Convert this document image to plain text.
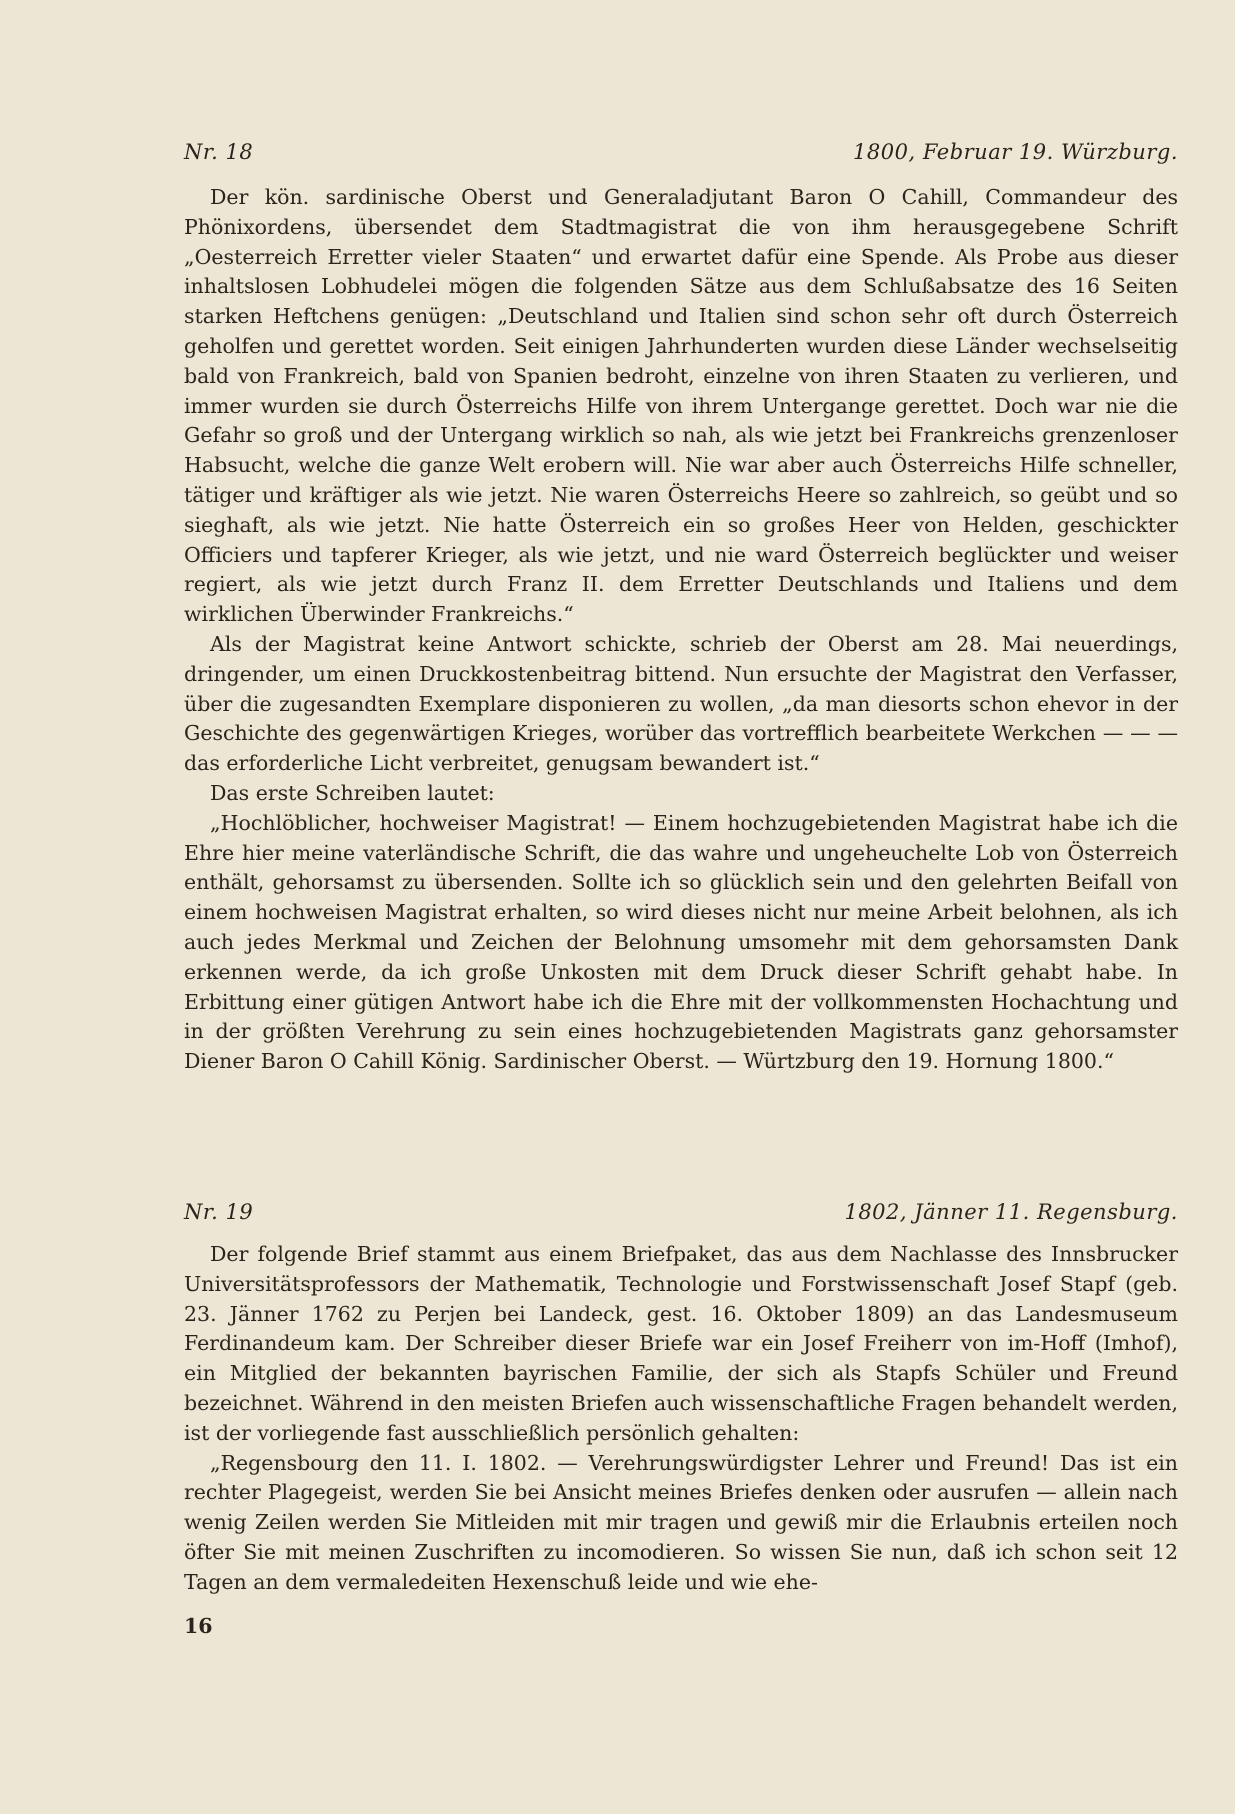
Nr. 18	1800, Februar 19. Würzburg.

Der kön. sardinische Oberst und Generaladjutant Baron O Cahill, Commandeur des Phönixordens, übersendet dem Stadtmagistrat die von ihm herausgegebene Schrift „Oesterreich Erretter vieler Staaten“ und erwartet dafür eine Spende. Als Probe aus dieser inhaltslosen Lobhudelei mögen die folgenden Sätze aus dem Schlußabsatze des 16 Seiten starken Heftchens genügen: „Deutschland und Italien sind schon sehr oft durch Österreich geholfen und gerettet worden. Seit einigen Jahrhunderten wurden diese Länder wechselseitig bald von Frankreich, bald von Spanien bedroht, einzelne von ihren Staaten zu verlieren, und immer wurden sie durch Österreichs Hilfe von ihrem Untergange gerettet. Doch war nie die Gefahr so groß und der Untergang wirklich so nah, als wie jetzt bei Frankreichs grenzenloser Habsucht, welche die ganze Welt erobern will. Nie war aber auch Österreichs Hilfe schneller, tätiger und kräftiger als wie jetzt. Nie waren Österreichs Heere so zahlreich, so geübt und so sieghaft, als wie jetzt. Nie hatte Österreich ein so großes Heer von Helden, geschickter Officiers und tapferer Krieger, als wie jetzt, und nie ward Österreich beglückter und weiser regiert, als wie jetzt durch Franz II. dem Erretter Deutschlands und Italiens und dem wirklichen Überwinder Frankreichs.“

Als der Magistrat keine Antwort schickte, schrieb der Oberst am 28. Mai neuerdings, dringender, um einen Druckkostenbeitrag bittend. Nun ersuchte der Magistrat den Verfasser, über die zugesandten Exemplare disponieren zu wollen, „da man diesorts schon ehevor in der Geschichte des gegenwärtigen Krieges, worüber das vortrefflich bearbeitete Werkchen — — — das erforderliche Licht verbreitet, genugsam bewandert ist.“

Das erste Schreiben lautet:

„Hochlöblicher, hochweiser Magistrat! — Einem hochzugebietenden Magistrat habe ich die Ehre hier meine vaterländische Schrift, die das wahre und ungeheuchelte Lob von Österreich enthält, gehorsamst zu übersenden. Sollte ich so glücklich sein und den gelehrten Beifall von einem hochweisen Magistrat erhalten, so wird dieses nicht nur meine Arbeit belohnen, als ich auch jedes Merkmal und Zeichen der Belohnung umsomehr mit dem gehorsamsten Dank erkennen werde, da ich große Unkosten mit dem Druck dieser Schrift gehabt habe. In Erbittung einer gütigen Antwort habe ich die Ehre mit der vollkommensten Hochachtung und in der größten Verehrung zu sein eines hochzugebietenden Magistrats ganz gehorsamster Diener Baron O Cahill König. Sardinischer Oberst. — Würtzburg den 19. Hornung 1800.“

Nr. 19	1802, Jänner 11. Regensburg.

Der folgende Brief stammt aus einem Briefpaket, das aus dem Nachlasse des Innsbrucker Universitätsprofessors der Mathematik, Technologie und Forstwissenschaft Josef Stapf (geb. 23. Jänner 1762 zu Perjen bei Landeck, gest. 16. Oktober 1809) an das Landesmuseum Ferdinandeum kam. Der Schreiber dieser Briefe war ein Josef Freiherr von im-Hoff (Imhof), ein Mitglied der bekannten bayrischen Familie, der sich als Stapfs Schüler und Freund bezeichnet. Während in den meisten Briefen auch wissenschaftliche Fragen behandelt werden, ist der vorliegende fast ausschließlich persönlich gehalten:

„Regensbourg den 11. I. 1802. — Verehrungswürdigster Lehrer und Freund! Das ist ein rechter Plagegeist, werden Sie bei Ansicht meines Briefes denken oder ausrufen — allein nach wenig Zeilen werden Sie Mitleiden mit mir tragen und gewiß mir die Erlaubnis erteilen noch öfter Sie mit meinen Zuschriften zu incomodieren. So wissen Sie nun, daß ich schon seit 12 Tagen an dem vermaledeiten Hexenschuß leide und wie ehe-

16
